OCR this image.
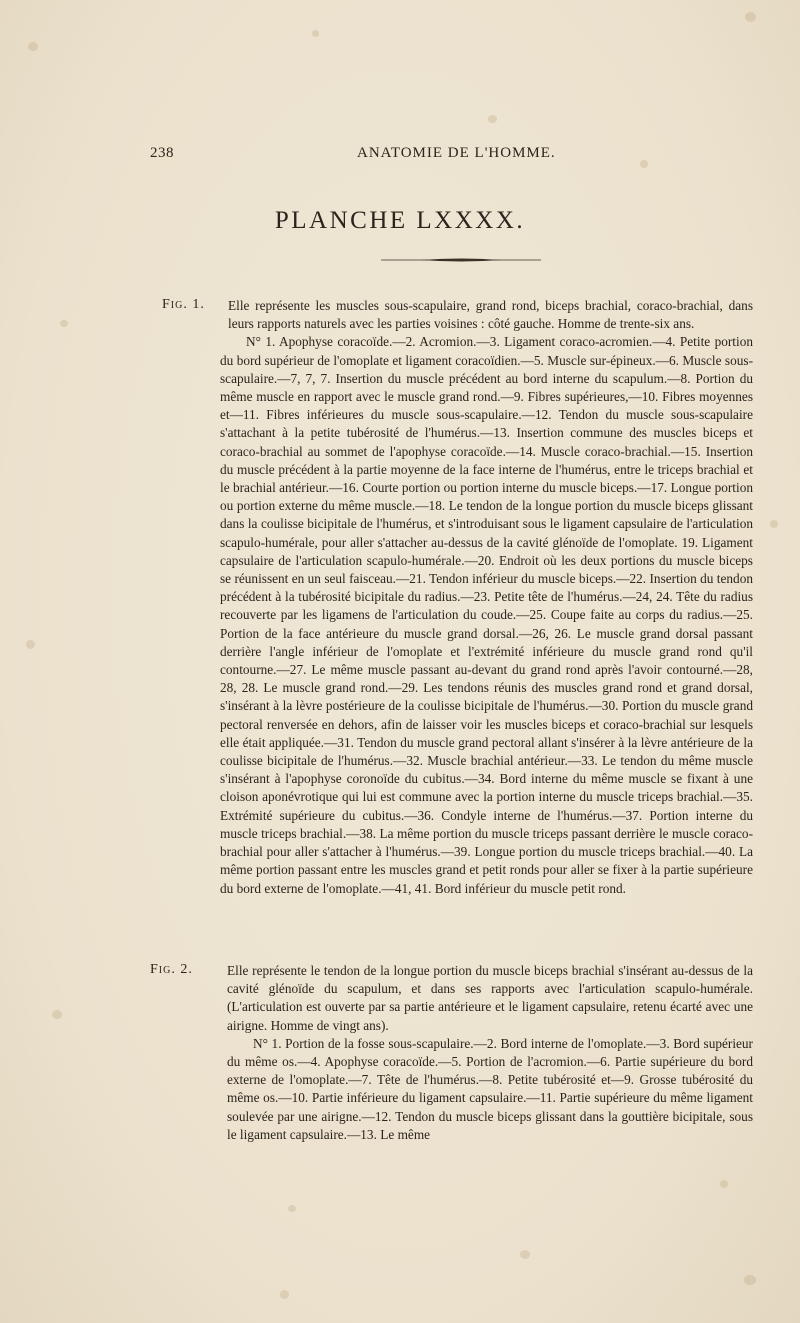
238	ANATOMIE DE L'HOMME.
PLANCHE LXXXX.
Fig. 1.	Elle représente les muscles sous-scapulaire, grand rond, biceps brachial, coraco-brachial, dans leurs rapports naturels avec les parties voisines : côté gauche. Homme de trente-six ans.

N° 1. Apophyse coracoïde.—2. Acromion.—3. Ligament coraco-acromien.—4. Petite portion du bord supérieur de l'omoplate et ligament coracoïdien.—5. Muscle sur-épineux.—6. Muscle sous-scapulaire.—7, 7, 7. Insertion du muscle précédent au bord interne du scapulum.—8. Portion du même muscle en rapport avec le muscle grand rond.—9. Fibres supérieures,—10. Fibres moyennes et—11. Fibres inférieures du muscle sous-scapulaire.—12. Tendon du muscle sous-scapulaire s'attachant à la petite tubérosité de l'humérus.—13. Insertion commune des muscles biceps et coraco-brachial au sommet de l'apophyse coracoïde.—14. Muscle coraco-brachial.—15. Insertion du muscle précédent à la partie moyenne de la face interne de l'humérus, entre le triceps brachial et le brachial antérieur.—16. Courte portion ou portion interne du muscle biceps.—17. Longue portion ou portion externe du même muscle.—18. Le tendon de la longue portion du muscle biceps glissant dans la coulisse bicipitale de l'humérus, et s'introduisant sous le ligament capsulaire de l'articulation scapulo-humérale, pour aller s'attacher au-dessus de la cavité glénoïde de l'omoplate. 19. Ligament capsulaire de l'articulation scapulo-humérale.—20. Endroit où les deux portions du muscle biceps se réunissent en un seul faisceau.—21. Tendon inférieur du muscle biceps.—22. Insertion du tendon précédent à la tubérosité bicipitale du radius.—23. Petite tête de l'humérus.—24, 24. Tête du radius recouverte par les ligamens de l'articulation du coude.—25. Coupe faite au corps du radius.—25. Portion de la face antérieure du muscle grand dorsal.—26, 26. Le muscle grand dorsal passant derrière l'angle inférieur de l'omoplate et l'extrémité inférieure du muscle grand rond qu'il contourne.—27. Le même muscle passant au-devant du grand rond après l'avoir contourné.—28, 28, 28. Le muscle grand rond.—29. Les tendons réunis des muscles grand rond et grand dorsal, s'insérant à la lèvre postérieure de la coulisse bicipitale de l'humérus.—30. Portion du muscle grand pectoral renversée en dehors, afin de laisser voir les muscles biceps et coraco-brachial sur lesquels elle était appliquée.—31. Tendon du muscle grand pectoral allant s'insérer à la lèvre antérieure de la coulisse bicipitale de l'humérus.—32. Muscle brachial antérieur.—33. Le tendon du même muscle s'insérant à l'apophyse coronoïde du cubitus.—34. Bord interne du même muscle se fixant à une cloison aponévrotique qui lui est commune avec la portion interne du muscle triceps brachial.—35. Extrémité supérieure du cubitus.—36. Condyle interne de l'humérus.—37. Portion interne du muscle triceps brachial.—38. La même portion du muscle triceps passant derrière le muscle coraco-brachial pour aller s'attacher à l'humérus.—39. Longue portion du muscle triceps brachial.—40. La même portion passant entre les muscles grand et petit ronds pour aller se fixer à la partie supérieure du bord externe de l'omoplate.—41, 41. Bord inférieur du muscle petit rond.

Fig. 2.	Elle représente le tendon de la longue portion du muscle biceps brachial s'insérant au-dessus de la cavité glénoïde du scapulum, et dans ses rapports avec l'articulation scapulo-humérale. (L'articulation est ouverte par sa partie antérieure et le ligament capsulaire, retenu écarté avec une airigne. Homme de vingt ans).

N° 1. Portion de la fosse sous-scapulaire.—2. Bord interne de l'omoplate.—3. Bord supérieur du même os.—4. Apophyse coracoïde.—5. Portion de l'acromion.—6. Partie supérieure du bord externe de l'omoplate.—7. Tête de l'humérus.—8. Petite tubérosité et—9. Grosse tubérosité du même os.—10. Partie inférieure du ligament capsulaire.—11. Partie supérieure du même ligament soulevée par une airigne.—12. Tendon du muscle biceps glissant dans la gouttière bicipitale, sous le ligament capsulaire.—13. Le même
